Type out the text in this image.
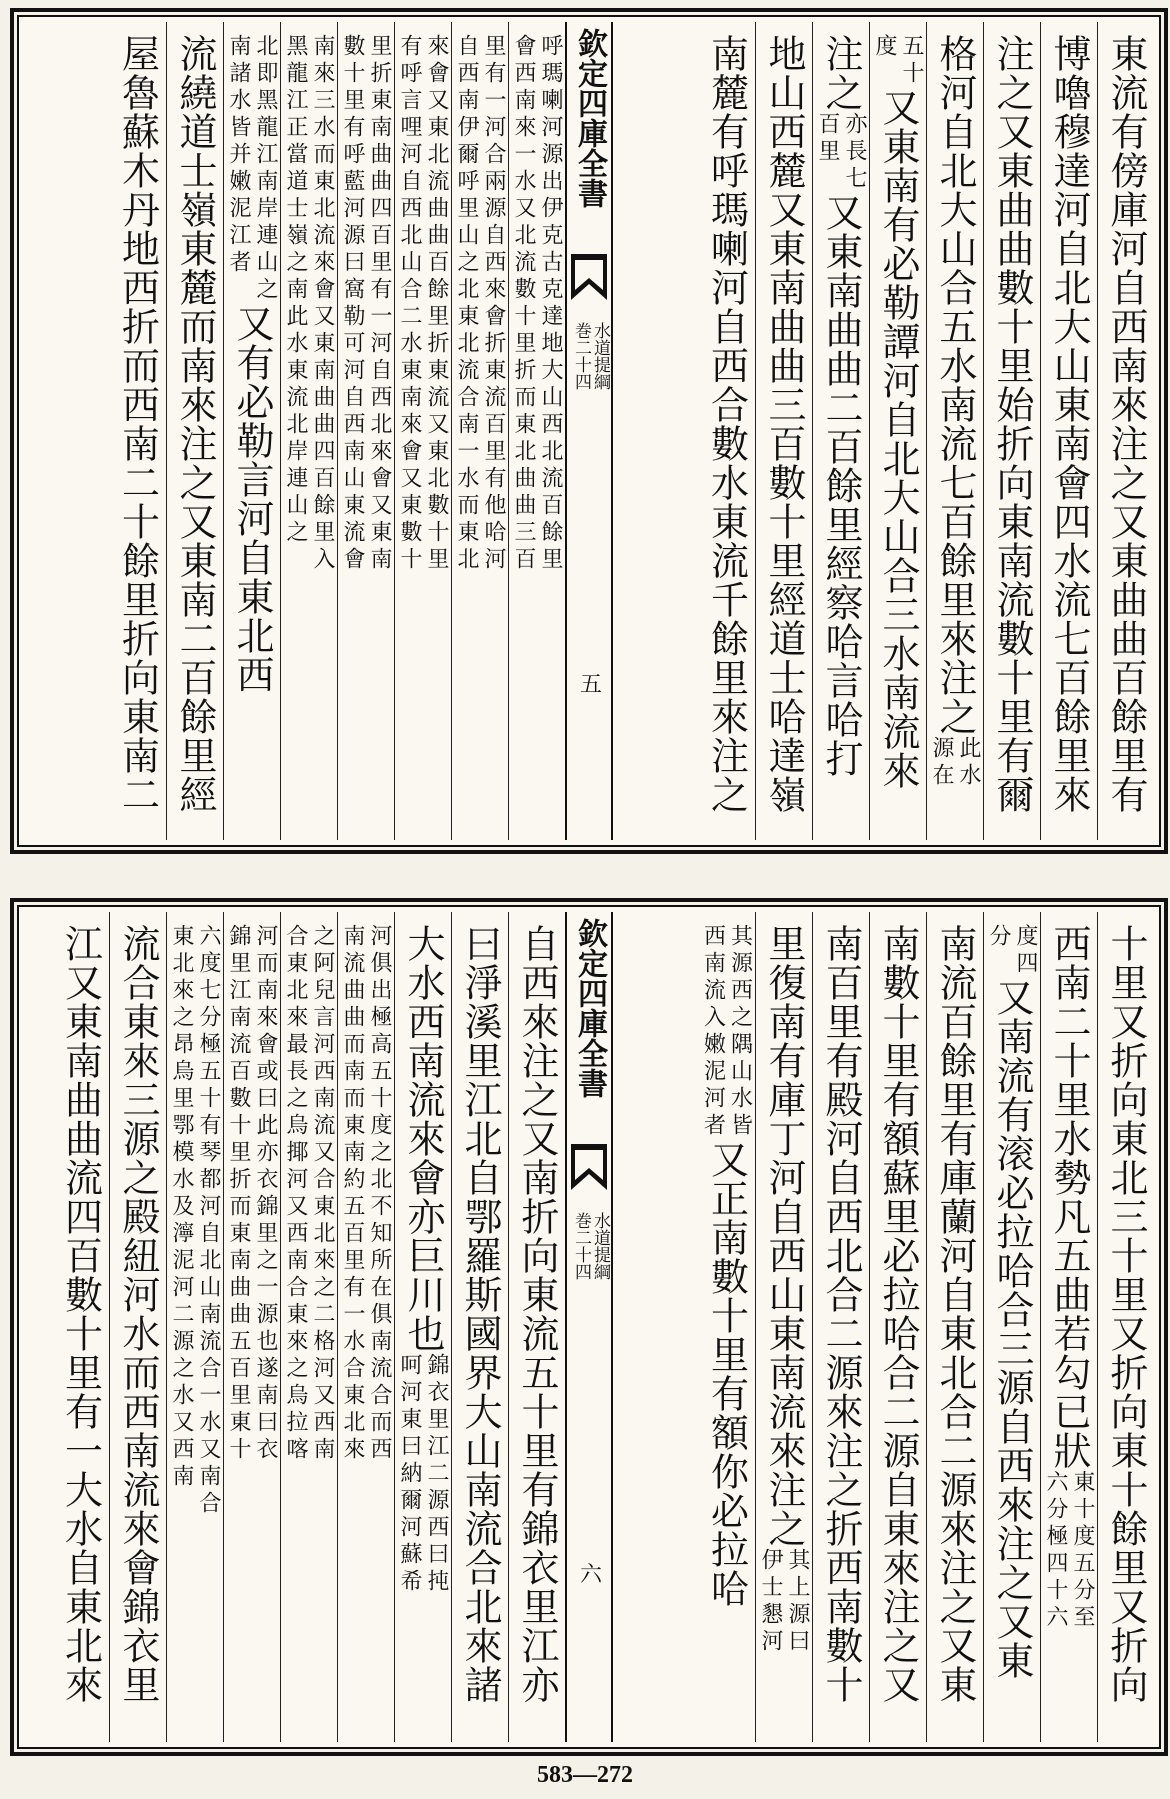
呼瑪喇河源出伊克古克達地大山西北流百餘里
會西南來一水又北流數十里折而東北曲曲三百
里有一河合兩源自西來會折東流百里有他哈河
自西南伊爾呼里山之北東北流合南一水而東北
來會又東北流曲曲百餘里折東流又東北數十里
有呼言哩河自西北山合二水東南來會又東數十
里折東南曲曲四百里有一河自西北來會又東南
數十里有呼藍河源曰窩勒可河自西南山東流會
南來三水而東北流來會又東南曲曲四百餘里入
黑龍江正當道士嶺之南此水東流北岸連山之
北即黑龍江南岸連山之
南諸水皆并嫩泥江者
又有必勒言河自東北西
流繞道士嶺東麓而南來注之又東南二百餘里經
屋魯蘇木丹地西折而西南二十餘里折向東南二	欽定四庫全書
水道提綱
巻二十四
五	東流有傍庫河自西南來注之又東曲曲百餘里有
博嚕穆達河自北大山東南會四水流七百餘里來
注之又東曲曲數十里始折向東南流數十里有爾
格河自北大山合五水南流七百餘里來注之
此水
源在
五十
度
又東南有必勒譚河自北大山合三水南流來
注之
亦長七
百里
又東南曲曲二百餘里經察哈言哈打
地山西麓又東南曲曲三百數十里經道士哈達嶺
南麓有呼瑪喇河自西合數水東流千餘里來注之
自西來注之又南折向東流五十里有錦衣里江亦
曰淨溪里江北自鄂羅斯國界大山南流合北來諸
大水西南流來會亦巨川也
錦衣里江二源西曰扽
呵河東曰納爾河蘇希
河俱出極高五十度之北不知所在俱南流合而西
南流曲曲而南而東南約五百里有一水合東北來
之阿兒言河西南流又合東北來之二格河又西南
合東北來最長之烏揶河又西南合東來之烏拉喀
河而南來會或曰此亦衣錦里之一源也遂南曰衣
錦里江南流百數十里折而東南曲曲五百里東十
六度七分極五十有琴都河自北山南流合一水又南合
東北來之昂烏里鄂模水及濘泥河二源之水又西南
流合東來三源之殿紐河水而西南流來會錦衣里
江又東南曲曲流四百數十里有一大水自東北來	欽定四庫全書
水道提綱
巻二十四
六	十里又折向東北三十里又折向東十餘里又折向
西南二十里水勢凡五曲若勾已狀
東十度五分至
六分極四十六
度四
分
又南流有滚必拉哈合三源自西來注之又東
南流百餘里有庫蘭河自東北合二源來注之又東
南數十里有額蘇里必拉哈合二源自東來注之又
南百里有殿河自西北合二源來注之折西南數十
里復南有庫丁河自西山東南流來注之
其上源曰
伊士懇河
其源西之隅山水皆
西南流入嫩泥河者
又正南數十里有額你必拉哈
583—272
